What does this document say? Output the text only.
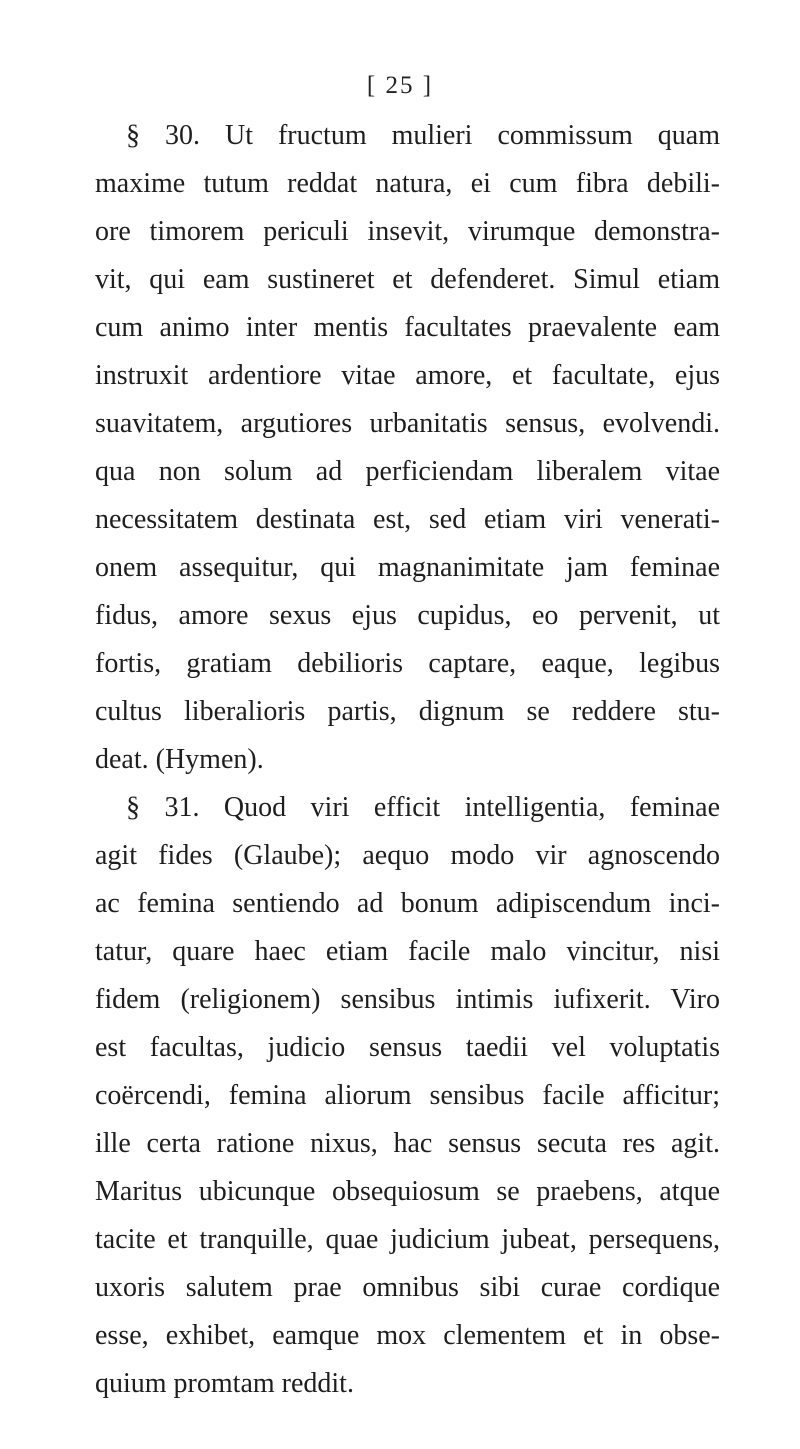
[ 25 ]
§ 30. Ut fructum mulieri commissum quam
maxime tutum reddat natura, ei cum fibra debili-
ore timorem periculi insevit, virumque demonstra-
vit, qui eam sustineret et defenderet. Simul etiam
cum animo inter mentis facultates praevalente eam
instruxit ardentiore vitae amore, et facultate, ejus
suavitatem, argutiores urbanitatis sensus, evolvendi.
qua non solum ad perficiendam liberalem vitae
necessitatem destinata est, sed etiam viri venerati-
onem assequitur, qui magnanimitate jam feminae
fidus, amore sexus ejus cupidus, eo pervenit, ut
fortis, gratiam debilioris captare, eaque, legibus
cultus liberalioris partis, dignum se reddere stu-
deat. (Hymen).
§ 31. Quod viri efficit intelligentia, feminae
agit fides (Glaube); aequo modo vir agnoscendo
ac femina sentiendo ad bonum adipiscendum inci-
tatur, quare haec etiam facile malo vincitur, nisi
fidem (religionem) sensibus intimis iufixerit. Viro
est facultas, judicio sensus taedii vel voluptatis
coërcendi, femina aliorum sensibus facile afficitur;
ille certa ratione nixus, hac sensus secuta res agit.
Maritus ubicunque obsequiosum se praebens, atque
tacite et tranquille, quae judicium jubeat, persequens,
uxoris salutem prae omnibus sibi curae cordique
esse, exhibet, eamque mox clementem et in obse-
quium promtam reddit.
